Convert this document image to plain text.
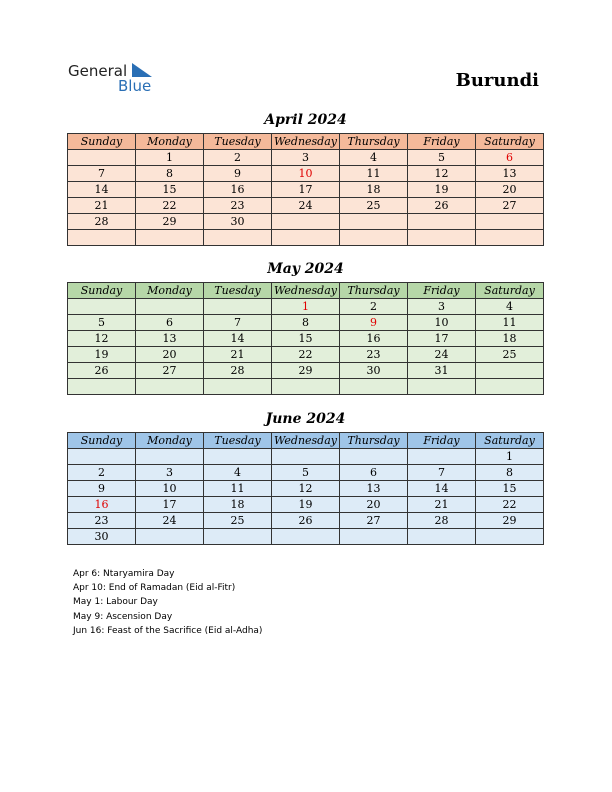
General
Blue	Burundi
April 2024
Sunday	Monday	Tuesday	Wednesday	Thursday	Friday	Saturday
	1	2	3	4	5	6
7	8	9	10	11	12	13
14	15	16	17	18	19	20
21	22	23	24	25	26	27
28	29	30				

May 2024
Sunday	Monday	Tuesday	Wednesday	Thursday	Friday	Saturday
			1	2	3	4
5	6	7	8	9	10	11
12	13	14	15	16	17	18
19	20	21	22	23	24	25
26	27	28	29	30	31	

June 2024
Sunday	Monday	Tuesday	Wednesday	Thursday	Friday	Saturday
						1
2	3	4	5	6	7	8
9	10	11	12	13	14	15
16	17	18	19	20	21	22
23	24	25	26	27	28	29
30						
Apr 6: Ntaryamira Day
Apr 10: End of Ramadan (Eid al-Fitr)
May 1: Labour Day
May 9: Ascension Day
Jun 16: Feast of the Sacrifice (Eid al-Adha)
